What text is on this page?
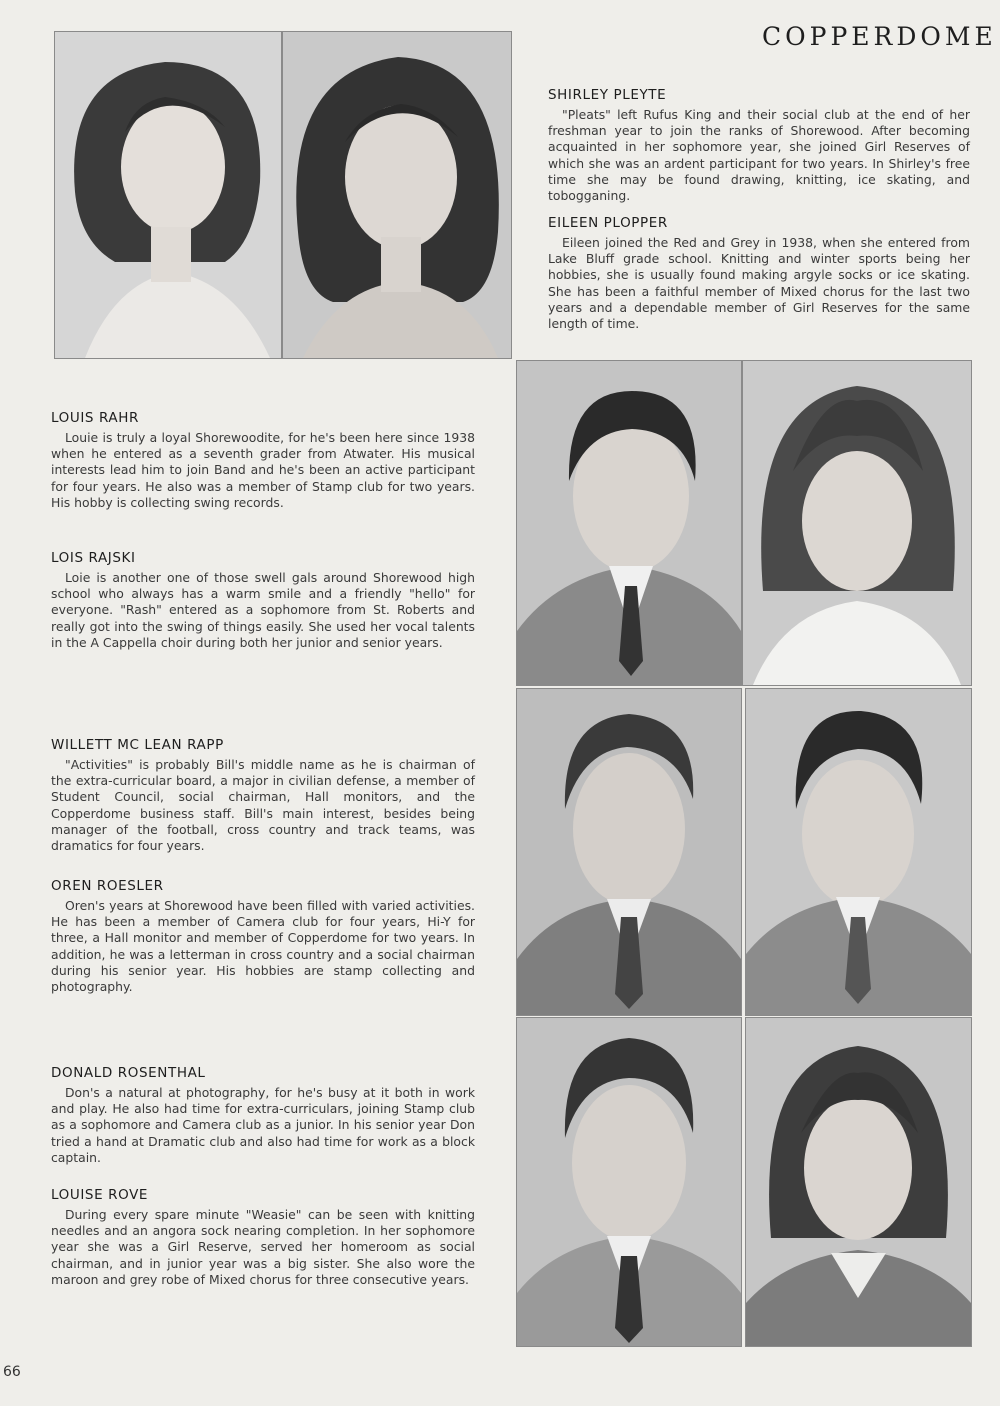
COPPERDOME
SHIRLEY PLEYTE

"Pleats" left Rufus King and their social club at the end of her freshman year to join the ranks of Shorewood. After becoming acquainted in her sophomore year, she joined Girl Reserves of which she was an ardent participant for two years. In Shirley's free time she may be found drawing, knitting, ice skating, and tobogganing.

EILEEN PLOPPER

Eileen joined the Red and Grey in 1938, when she entered from Lake Bluff grade school. Knitting and winter sports being her hobbies, she is usually found making argyle socks or ice skating. She has been a faithful member of Mixed chorus for the last two years and a dependable member of Girl Reserves for the same length of time.

LOUIS RAHR

Louie is truly a loyal Shorewoodite, for he's been here since 1938 when he entered as a seventh grader from Atwater. His musical interests lead him to join Band and he's been an active participant for four years. He also was a member of Stamp club for two years. His hobby is collecting swing records.

LOIS RAJSKI

Loie is another one of those swell gals around Shorewood high school who always has a warm smile and a friendly "hello" for everyone. "Rash" entered as a sophomore from St. Roberts and really got into the swing of things easily. She used her vocal talents in the A Cappella choir during both her junior and senior years.

WILLETT MC LEAN RAPP

"Activities" is probably Bill's middle name as he is chairman of the extra-curricular board, a major in civilian defense, a member of Student Council, social chairman, Hall monitors, and the Copperdome business staff. Bill's main interest, besides being manager of the football, cross country and track teams, was dramatics for four years.

OREN ROESLER

Oren's years at Shorewood have been filled with varied activities. He has been a member of Camera club for four years, Hi-Y for three, a Hall monitor and member of Copperdome for two years. In addition, he was a letterman in cross country and a social chairman during his senior year. His hobbies are stamp collecting and photography.

DONALD ROSENTHAL

Don's a natural at photography, for he's busy at it both in work and play. He also had time for extra-curriculars, joining Stamp club as a sophomore and Camera club as a junior. In his senior year Don tried a hand at Dramatic club and also had time for work as a block captain.

LOUISE ROVE

During every spare minute "Weasie" can be seen with knitting needles and an angora sock nearing completion. In her sophomore year she was a Girl Reserve, served her homeroom as social chairman, and in junior year was a big sister. She also wore the maroon and grey robe of Mixed chorus for three consecutive years.

66
